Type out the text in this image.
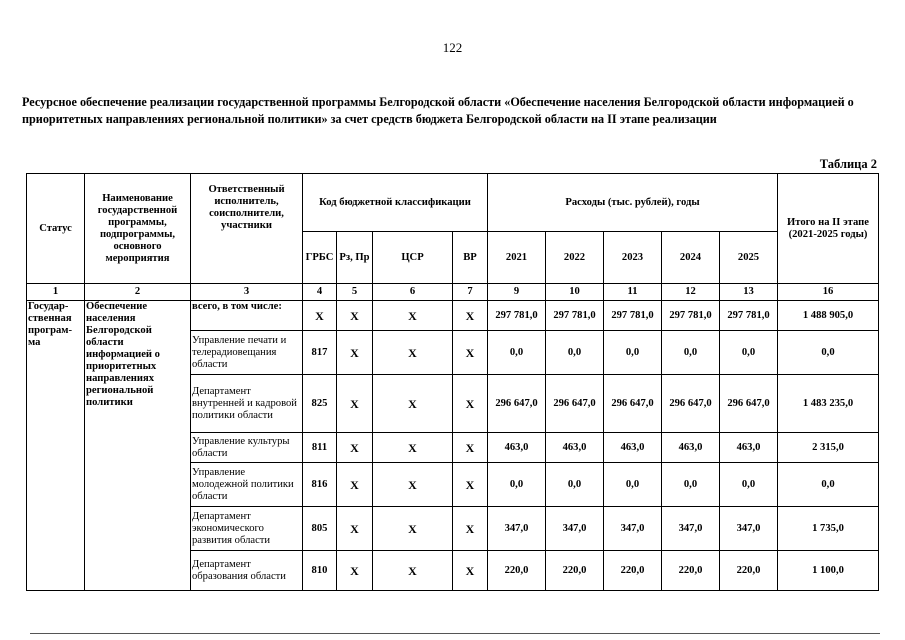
122
Ресурсное обеспечение реализации государственной программы Белгородской области «Обеспечение населения Белгородской области информацией о приоритетных направлениях региональной политики» за счет средств бюджета Белгородской области на II этапе реализации
Таблица 2
Статус	Наименование государственной программы, подпрограммы, основного мероприятия	Ответственный исполнитель, соисполнители, участники	Код бюджетной классификации				Расходы (тыс. рублей), годы					Итого на II этапе (2021-2025 годы)
			ГРБС	Рз, Пр	ЦСР	ВР	2021	2022	2023	2024	2025	
1	2	3	4	5	6	7	9	10	11	12	13	16
Государ-ственная програм-ма	Обеспечение населения Белгородской области информацией о приоритетных направлениях региональной политики	всего, в том числе:	Х	Х	Х	Х	297 781,0	297 781,0	297 781,0	297 781,0	297 781,0	1 488 905,0
		Управление печати и телерадиовещания области	817	Х	Х	Х	0,0	0,0	0,0	0,0	0,0	0,0
		Департамент внутренней и кадровой политики области	825	Х	Х	Х	296 647,0	296 647,0	296 647,0	296 647,0	296 647,0	1 483 235,0
		Управление культуры области	811	Х	Х	Х	463,0	463,0	463,0	463,0	463,0	2 315,0
		Управление молодежной политики области	816	Х	Х	Х	0,0	0,0	0,0	0,0	0,0	0,0
		Департамент экономического развития области	805	Х	Х	Х	347,0	347,0	347,0	347,0	347,0	1 735,0
		Департамент образования области	810	Х	Х	Х	220,0	220,0	220,0	220,0	220,0	1 100,0
